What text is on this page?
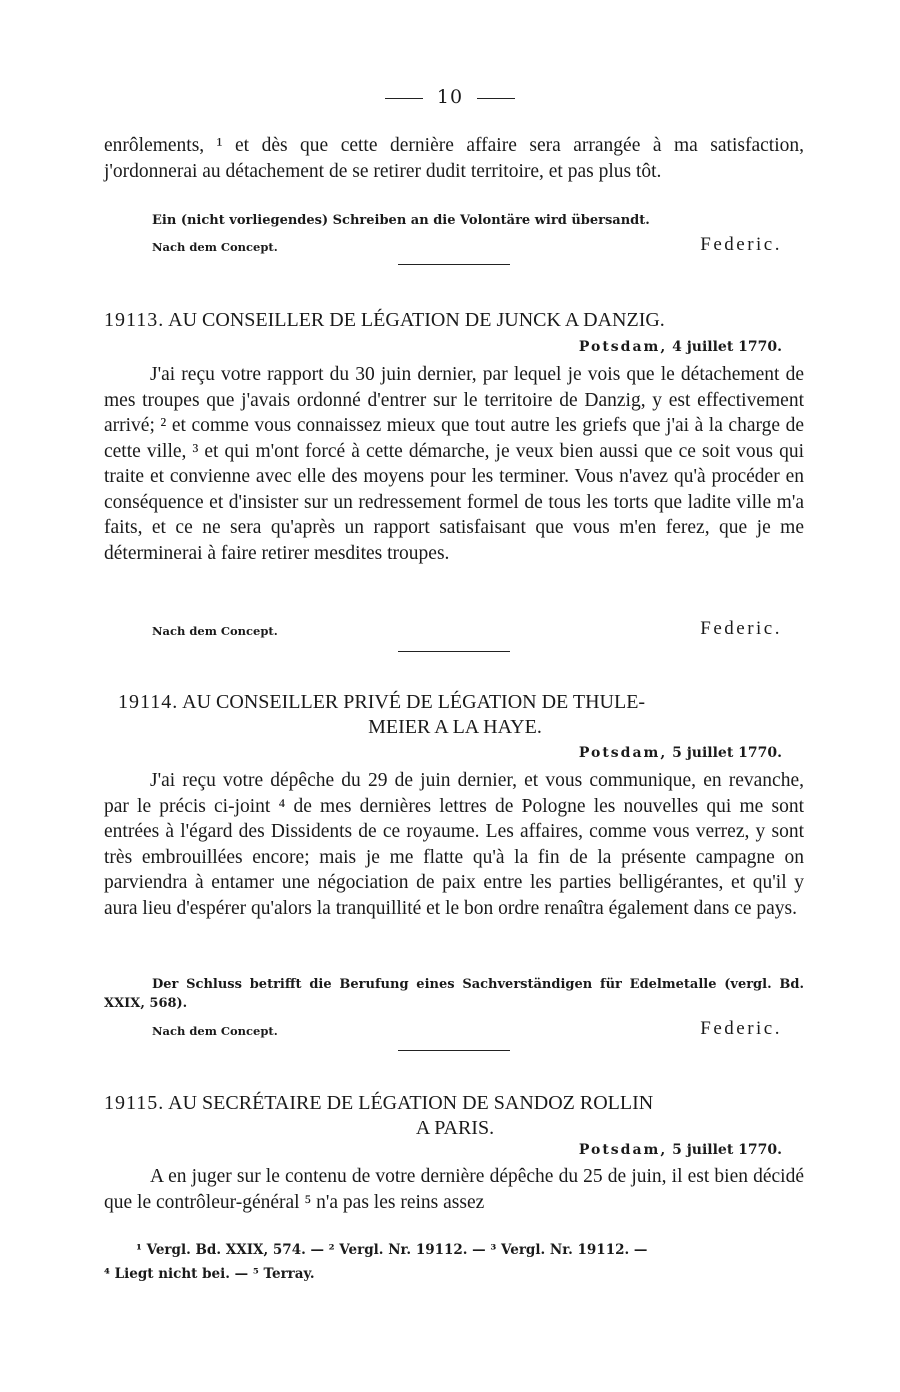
10

enrôlements, ¹ et dès que cette dernière affaire sera arrangée à ma satisfaction, j'ordonnerai au détachement de se retirer dudit territoire, et pas plus tôt.

Ein (nicht vorliegendes) Schreiben an die Volontäre wird übersandt.
Nach dem Concept.	Federic.
19113. AU CONSEILLER DE LÉGATION DE JUNCK A DANZIG.
Potsdam, 4 juillet 1770.

J'ai reçu votre rapport du 30 juin dernier, par lequel je vois que le détachement de mes troupes que j'avais ordonné d'entrer sur le territoire de Danzig, y est effectivement arrivé; ² et comme vous connaissez mieux que tout autre les griefs que j'ai à la charge de cette ville, ³ et qui m'ont forcé à cette démarche, je veux bien aussi que ce soit vous qui traite et convienne avec elle des moyens pour les terminer. Vous n'avez qu'à procéder en conséquence et d'insister sur un redressement formel de tous les torts que ladite ville m'a faits, et ce ne sera qu'après un rapport satisfaisant que vous m'en ferez, que je me déterminerai à faire retirer mesdites troupes.

Nach dem Concept.	Federic.
19114. AU CONSEILLER PRIVÉ DE LÉGATION DE THULE-
MEIER A LA HAYE.
Potsdam, 5 juillet 1770.

J'ai reçu votre dépêche du 29 de juin dernier, et vous communique, en revanche, par le précis ci-joint ⁴ de mes dernières lettres de Pologne les nouvelles qui me sont entrées à l'égard des Dissidents de ce royaume. Les affaires, comme vous verrez, y sont très embrouillées encore; mais je me flatte qu'à la fin de la présente campagne on parviendra à entamer une négociation de paix entre les parties belligérantes, et qu'il y aura lieu d'espérer qu'alors la tranquillité et le bon ordre renaîtra également dans ce pays.

Der Schluss betrifft die Berufung eines Sachverständigen für Edelmetalle (vergl. Bd. XXIX, 568).
Nach dem Concept.	Federic.
19115. AU SECRÉTAIRE DE LÉGATION DE SANDOZ ROLLIN
A PARIS.
Potsdam, 5 juillet 1770.

A en juger sur le contenu de votre dernière dépêche du 25 de juin, il est bien décidé que le contrôleur-général ⁵ n'a pas les reins assez

¹ Vergl. Bd. XXIX, 574. — ² Vergl. Nr. 19112. — ³ Vergl. Nr. 19112. —
⁴ Liegt nicht bei. — ⁵ Terray.
